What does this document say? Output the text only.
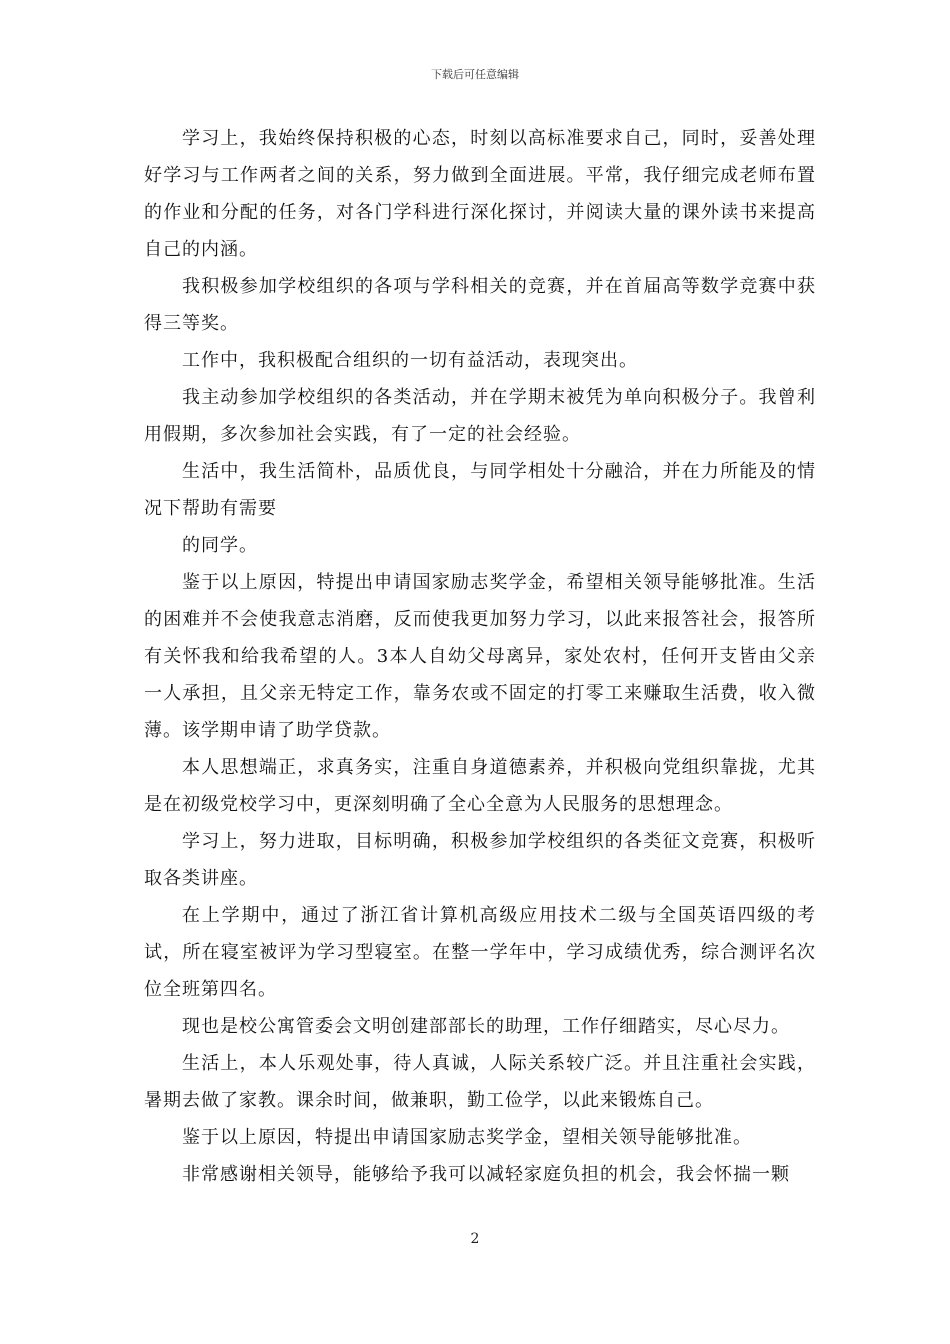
下载后可任意编辑

学习上，我始终保持积极的心态，时刻以高标准要求自己，同时，妥善处理好学习与工作两者之间的关系，努力做到全面进展。平常，我仔细完成老师布置的作业和分配的任务，对各门学科进行深化探讨，并阅读大量的课外读书来提高自己的内涵。

我积极参加学校组织的各项与学科相关的竞赛，并在首届高等数学竞赛中获得三等奖。

工作中，我积极配合组织的一切有益活动，表现突出。

我主动参加学校组织的各类活动，并在学期末被凭为单向积极分子。我曾利用假期，多次参加社会实践，有了一定的社会经验。

生活中，我生活简朴，品质优良，与同学相处十分融洽，并在力所能及的情况下帮助有需要

的同学。

鉴于以上原因，特提出申请国家励志奖学金，希望相关领导能够批准。生活的困难并不会使我意志消磨，反而使我更加努力学习，以此来报答社会，报答所有关怀我和给我希望的人。3本人自幼父母离异，家处农村，任何开支皆由父亲一人承担，且父亲无特定工作，靠务农或不固定的打零工来赚取生活费，收入微薄。该学期申请了助学贷款。

本人思想端正，求真务实，注重自身道德素养，并积极向党组织靠拢，尤其是在初级党校学习中，更深刻明确了全心全意为人民服务的思想理念。

学习上，努力进取，目标明确，积极参加学校组织的各类征文竞赛，积极听取各类讲座。

在上学期中，通过了浙江省计算机高级应用技术二级与全国英语四级的考试，所在寝室被评为学习型寝室。在整一学年中，学习成绩优秀，综合测评名次位全班第四名。

现也是校公寓管委会文明创建部部长的助理，工作仔细踏实，尽心尽力。

生活上，本人乐观处事，待人真诚，人际关系较广泛。并且注重社会实践，暑期去做了家教。课余时间，做兼职，勤工俭学，以此来锻炼自己。

鉴于以上原因，特提出申请国家励志奖学金，望相关领导能够批准。

非常感谢相关领导，能够给予我可以减轻家庭负担的机会，我会怀揣一颗

2
